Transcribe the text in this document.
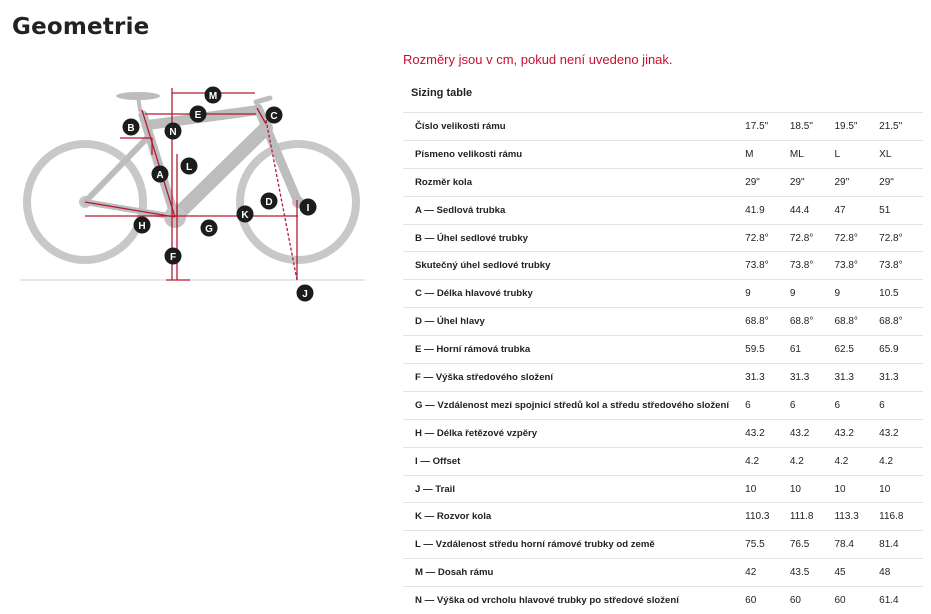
Geometrie
A
B
C
D
E
F
G
H
I
J
K
L
M
N
Rozměry jsou v cm, pokud není uvedeno jinak.
Sizing table
Číslo velikosti rámu	17.5"	18.5"	19.5"	21.5"
Písmeno velikosti rámu	M	ML	L	XL
Rozměr kola	29"	29"	29"	29"
A — Sedlová trubka	41.9	44.4	47	51
B — Úhel sedlové trubky	72.8°	72.8°	72.8°	72.8°
Skutečný úhel sedlové trubky	73.8°	73.8°	73.8°	73.8°
C — Délka hlavové trubky	9	9	9	10.5
D — Úhel hlavy	68.8°	68.8°	68.8°	68.8°
E — Horní rámová trubka	59.5	61	62.5	65.9
F — Výška středového složení	31.3	31.3	31.3	31.3
G — Vzdálenost mezi spojnicí středů kol a středu středového složení	6	6	6	6
H — Délka řetězové vzpěry	43.2	43.2	43.2	43.2
I — Offset	4.2	4.2	4.2	4.2
J — Trail	10	10	10	10
K — Rozvor kola	110.3	111.8	113.3	116.8
L — Vzdálenost středu horní rámové trubky od země	75.5	76.5	78.4	81.4
M — Dosah rámu	42	43.5	45	48
N — Výška od vrcholu hlavové trubky po středové složení	60	60	60	61.4
